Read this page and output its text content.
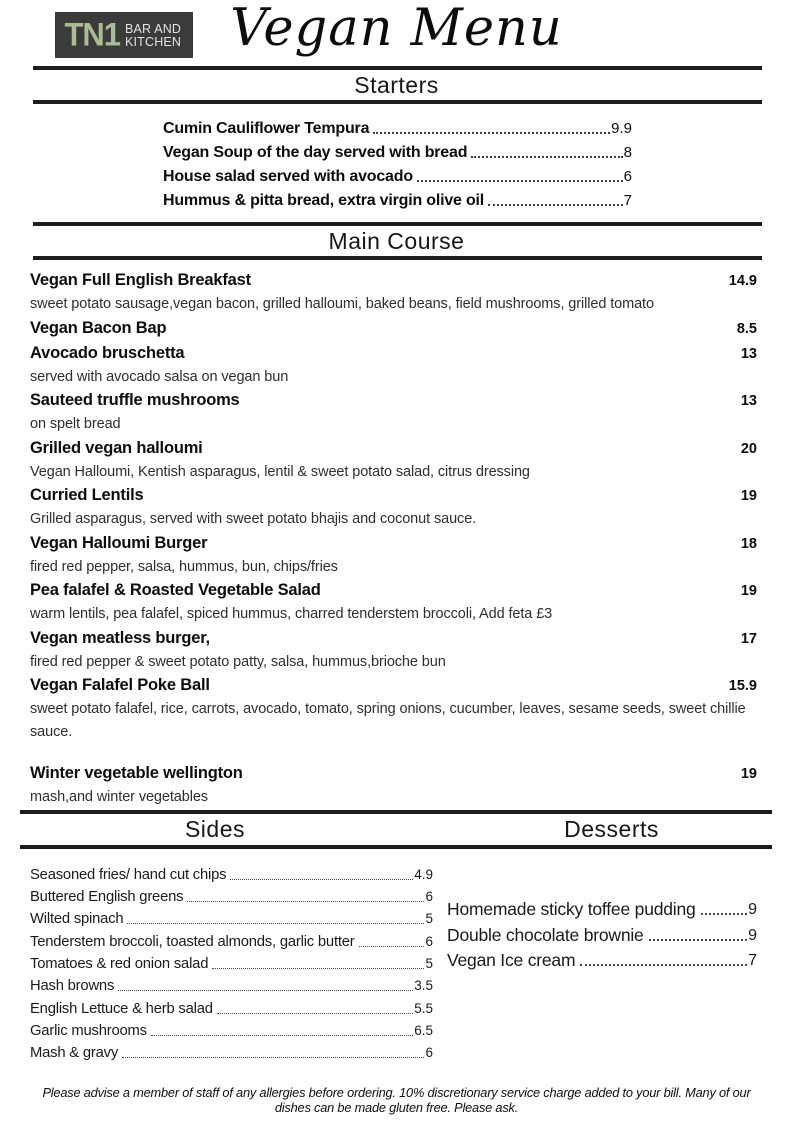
TN1 BAR AND
KITCHEN Vegan Menu
Starters
Cumin Cauliflower Tempura	9.9
Vegan Soup of the day served with bread	8
House salad served with avocado	6
Hummus & pitta bread, extra virgin olive oil	7
Main Course
Vegan Full English Breakfast	14.9
sweet potato sausage,vegan bacon, grilled halloumi, baked beans, field mushrooms, grilled tomato
Vegan Bacon Bap	8.5
Avocado bruschetta	13
served with avocado salsa on vegan bun
Sauteed truffle mushrooms	13
on spelt bread
Grilled vegan halloumi	20
Vegan Halloumi, Kentish asparagus, lentil & sweet potato salad, citrus dressing
Curried Lentils	19
Grilled asparagus, served with sweet potato bhajis and coconut sauce.
Vegan Halloumi Burger	18
fired red pepper, salsa, hummus, bun, chips/fries
Pea falafel & Roasted Vegetable Salad	19
warm lentils, pea falafel, spiced hummus, charred tenderstem broccoli, Add feta £3
Vegan meatless burger,	17
fired red pepper & sweet potato patty, salsa, hummus,brioche bun
Vegan Falafel Poke Ball	15.9
sweet potato falafel, rice, carrots, avocado, tomato, spring onions, cucumber, leaves, sesame seeds, sweet chillie sauce.
Winter vegetable wellington	19
mash,and winter vegetables
Sides	Desserts
Seasoned fries/ hand cut chips	4.9
Buttered English greens	6
Wilted spinach	5
Tenderstem broccoli, toasted almonds, garlic butter	6
Tomatoes & red onion salad	5
Hash browns	3.5
English Lettuce & herb salad	5.5
Garlic mushrooms	6.5
Mash & gravy	6
Homemade sticky toffee pudding	9
Double chocolate brownie	9
Vegan Ice cream	7
Please advise a member of staff of any allergies before ordering. 10% discretionary service charge added to your bill. Many of our dishes can be made gluten free. Please ask.
